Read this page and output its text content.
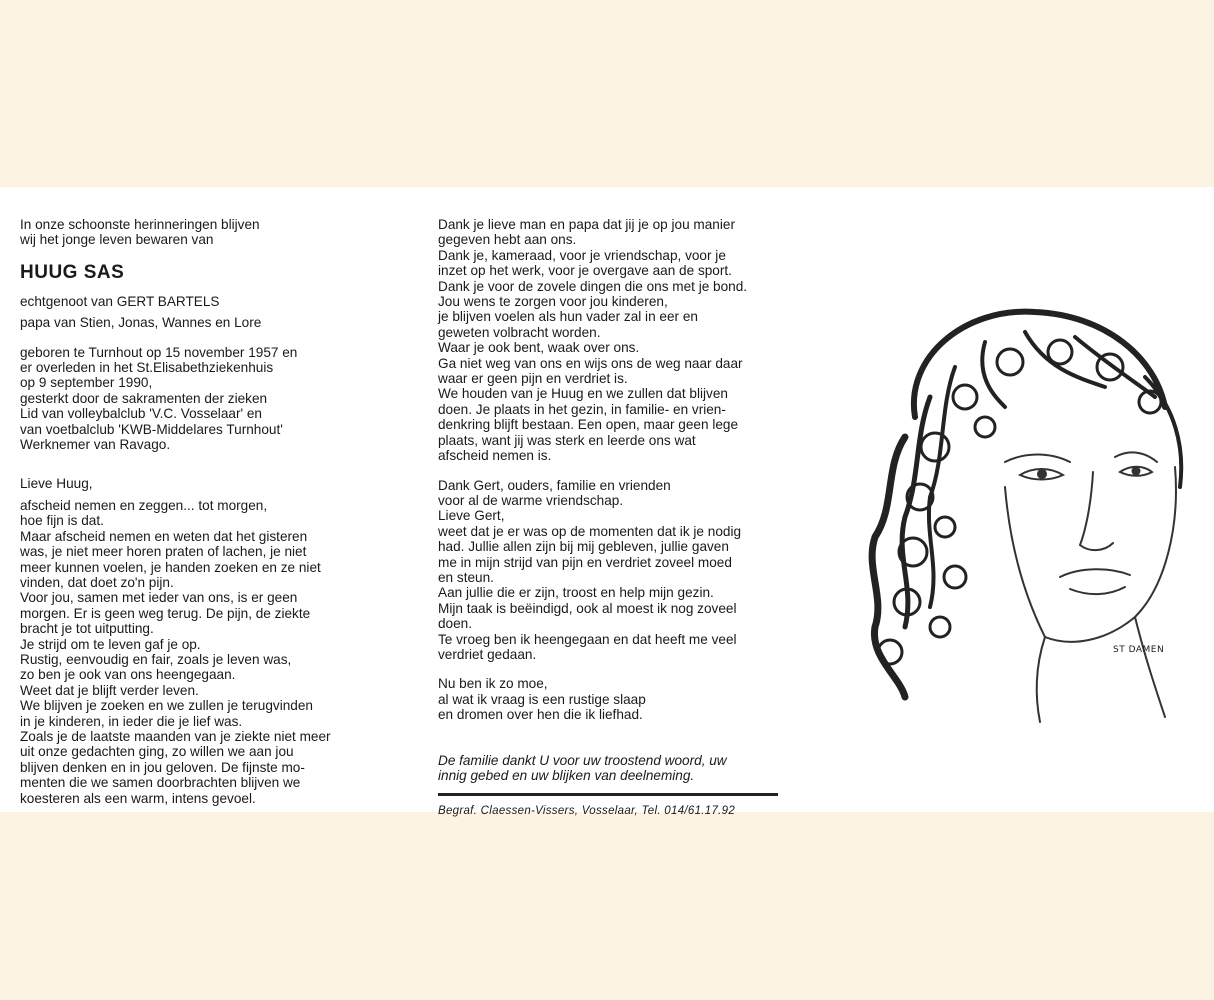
In onze schoonste herinneringen blijven

wij het jonge leven bewaren van

HUUG SAS

echtgenoot van GERT BARTELS

papa van Stien, Jonas, Wannes en Lore

geboren te Turnhout op 15 november 1957 en

er overleden in het St.Elisabethziekenhuis

op 9 september 1990,

gesterkt door de sakramenten der zieken

Lid van volleybalclub 'V.C. Vosselaar' en

van voetbalclub 'KWB-Middelares Turnhout'

Werknemer van Ravago.

Lieve Huug,

afscheid nemen en zeggen... tot morgen,

hoe fijn is dat.

Maar afscheid nemen en weten dat het gisteren

was, je niet meer horen praten of lachen, je niet

meer kunnen voelen, je handen zoeken en ze niet

vinden, dat doet zo'n pijn.

Voor jou, samen met ieder van ons, is er geen

morgen. Er is geen weg terug. De pijn, de ziekte

bracht je tot uitputting.

Je strijd om te leven gaf je op.

Rustig, eenvoudig en fair, zoals je leven was,

zo ben je ook van ons heengegaan.

Weet dat je blijft verder leven.

We blijven je zoeken en we zullen je terugvinden

in je kinderen, in ieder die je lief was.

Zoals je de laatste maanden van je ziekte niet meer

uit onze gedachten ging, zo willen we aan jou

blijven denken en in jou geloven. De fijnste mo-

menten die we samen doorbrachten blijven we

koesteren als een warm, intens gevoel.

Dank je lieve man en papa dat jij je op jou manier

gegeven hebt aan ons.

Dank je, kameraad, voor je vriendschap, voor je

inzet op het werk, voor je overgave aan de sport.

Dank je voor de zovele dingen die ons met je bond.

Jou wens te zorgen voor jou kinderen,

je blijven voelen als hun vader zal in eer en

geweten volbracht worden.

Waar je ook bent, waak over ons.

Ga niet weg van ons en wijs ons de weg naar daar

waar er geen pijn en verdriet is.

We houden van je Huug en we zullen dat blijven

doen. Je plaats in het gezin, in familie- en vrien-

denkring blijft bestaan. Een open, maar geen lege

plaats, want jij was sterk en leerde ons wat

afscheid nemen is.

Dank Gert, ouders, familie en vrienden

voor al de warme vriendschap.

Lieve Gert,

weet dat je er was op de momenten dat ik je nodig

had. Jullie allen zijn bij mij gebleven, jullie gaven

me in mijn strijd van pijn en verdriet zoveel moed

en steun.

Aan jullie die er zijn, troost en help mijn gezin.

Mijn taak is beëindigd, ook al moest ik nog zoveel

doen.

Te vroeg ben ik heengegaan en dat heeft me veel

verdriet gedaan.

Nu ben ik zo moe,

al wat ik vraag is een rustige slaap

en dromen over hen die ik liefhad.

De familie dankt U voor uw troostend woord, uw

innig gebed en uw blijken van deelneming.

Begraf. Claessen-Vissers, Vosselaar, Tel. 014/61.17.92

ST DAMEN
